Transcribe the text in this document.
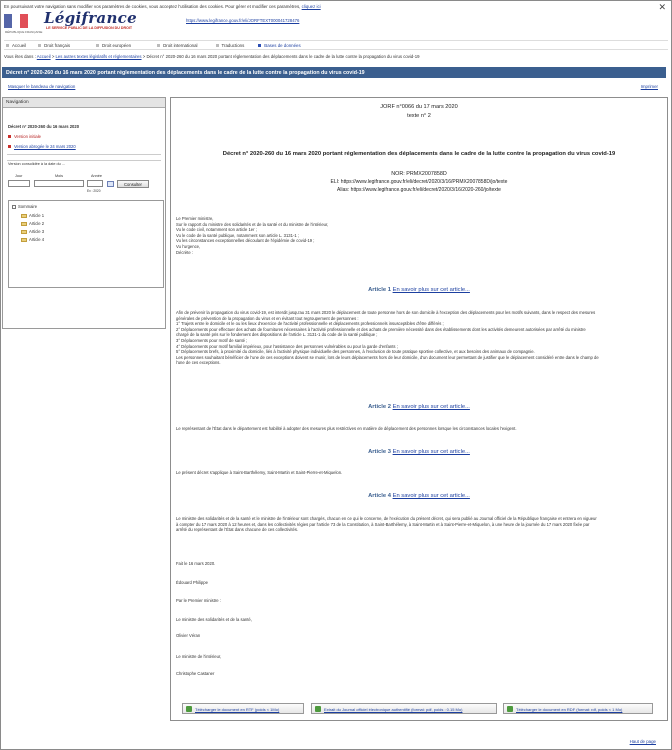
En poursuivant votre navigation sans modifier vos paramètres de cookies, vous acceptez l'utilisation des cookies. Pour gérer et modifier ces paramètres, cliquez ici	✕
RÉPUBLIQUE FRANÇAISE
Légifrance
LE SERVICE PUBLIC DE LA DIFFUSION DU DROIT
https://www.legifrance.gouv.fr/eli/JORFTEXT000041728476
Accueil	Droit français	Droit européen	Droit international	Traductions	Bases de données
Vous êtes dans : Accueil > Les autres textes législatifs et réglementaires > Décret n° 2020-260 du 16 mars 2020 portant réglementation des déplacements dans le cadre de la lutte contre la propagation du virus covid-19
Décret n° 2020-260 du 16 mars 2020 portant réglementation des déplacements dans le cadre de la lutte contre la propagation du virus covid-19
Masquer le bandeau de navigation	Imprimer
Navigation
Décret n° 2020-260 du 16 mars 2020
Version initiale
Version abrogée le 24 mars 2020
Version consolidée à la date du ...
Jour	Mois	Année
Ex : 2020
Consulter
Sommaire
Article 1
Article 2
Article 3
Article 4
JORF n°0066 du 17 mars 2020
texte n° 2
Décret n° 2020-260 du 16 mars 2020 portant réglementation des déplacements dans le cadre de la lutte contre la propagation du virus covid-19
NOR: PRMX2007858D
ELI: https://www.legifrance.gouv.fr/eli/decret/2020/3/16/PRMX2007858D/jo/texte
Alias: https://www.legifrance.gouv.fr/eli/decret/2020/3/16/2020-260/jo/texte
Le Premier ministre,
Sur le rapport du ministre des solidarités et de la santé et du ministre de l'intérieur,
Vu le code civil, notamment son article 1er ;
Vu le code de la santé publique, notamment son article L. 3131-1 ;
Vu les circonstances exceptionnelles découlant de l'épidémie de covid-19 ;
Vu l'urgence,
Décrète :
Article 1 En savoir plus sur cet article...
Afin de prévenir la propagation du virus covid-19, est interdit jusqu'au 31 mars 2020 le déplacement de toute personne hors de son domicile à l'exception des déplacements pour les motifs suivants, dans le respect des mesures
générales de prévention de la propagation du virus et en évitant tout regroupement de personnes :
1° Trajets entre le domicile et le ou les lieux d'exercice de l'activité professionnelle et déplacements professionnels insusceptibles d'être différés ;
2° Déplacements pour effectuer des achats de fournitures nécessaires à l'activité professionnelle et des achats de première nécessité dans des établissements dont les activités demeurent autorisées par arrêté du ministre
chargé de la santé pris sur le fondement des dispositions de l'article L. 3131-1 du code de la santé publique ;
3° Déplacements pour motif de santé ;
4° Déplacements pour motif familial impérieux, pour l'assistance des personnes vulnérables ou pour la garde d'enfants ;
5° Déplacements brefs, à proximité du domicile, liés à l'activité physique individuelle des personnes, à l'exclusion de toute pratique sportive collective, et aux besoins des animaux de compagnie.
Les personnes souhaitant bénéficier de l'une de ces exceptions doivent se munir, lors de leurs déplacements hors de leur domicile, d'un document leur permettant de justifier que le déplacement considéré entre dans le champ de
l'une de ces exceptions.
Article 2 En savoir plus sur cet article...
Le représentant de l'État dans le département est habilité à adopter des mesures plus restrictives en matière de déplacement des personnes lorsque les circonstances locales l'exigent.
Article 3 En savoir plus sur cet article...
Le présent décret s'applique à Saint-Barthélemy, Saint-Martin et Saint-Pierre-et-Miquelon.
Article 4 En savoir plus sur cet article...
Le ministre des solidarités et de la santé et le ministre de l'intérieur sont chargés, chacun en ce qui le concerne, de l'exécution du présent décret, qui sera publié au Journal officiel de la République française et entrera en vigueur
à compter du 17 mars 2020 à 12 heures et, dans les collectivités régies par l'article 73 de la Constitution, à Saint-Barthélemy, à Saint-Martin et à Saint-Pierre-et-Miquelon, à une heure de la journée du 17 mars 2020 fixée par
arrêté du représentant de l'État dans chacune de ces collectivités.
Fait le 16 mars 2020.
Édouard Philippe
Par le Premier ministre :
Le ministre des solidarités et de la santé,
Olivier Véran
Le ministre de l'intérieur,
Christophe Castaner
Télécharger le document en RTF (poids < 1Mo)	Extrait du Journal officiel électronique authentifié (format: pdf, poids : 0.15 Mo)	Télécharger le document en RDF (format: rdf, poids < 1 Mo)
Haut de page
